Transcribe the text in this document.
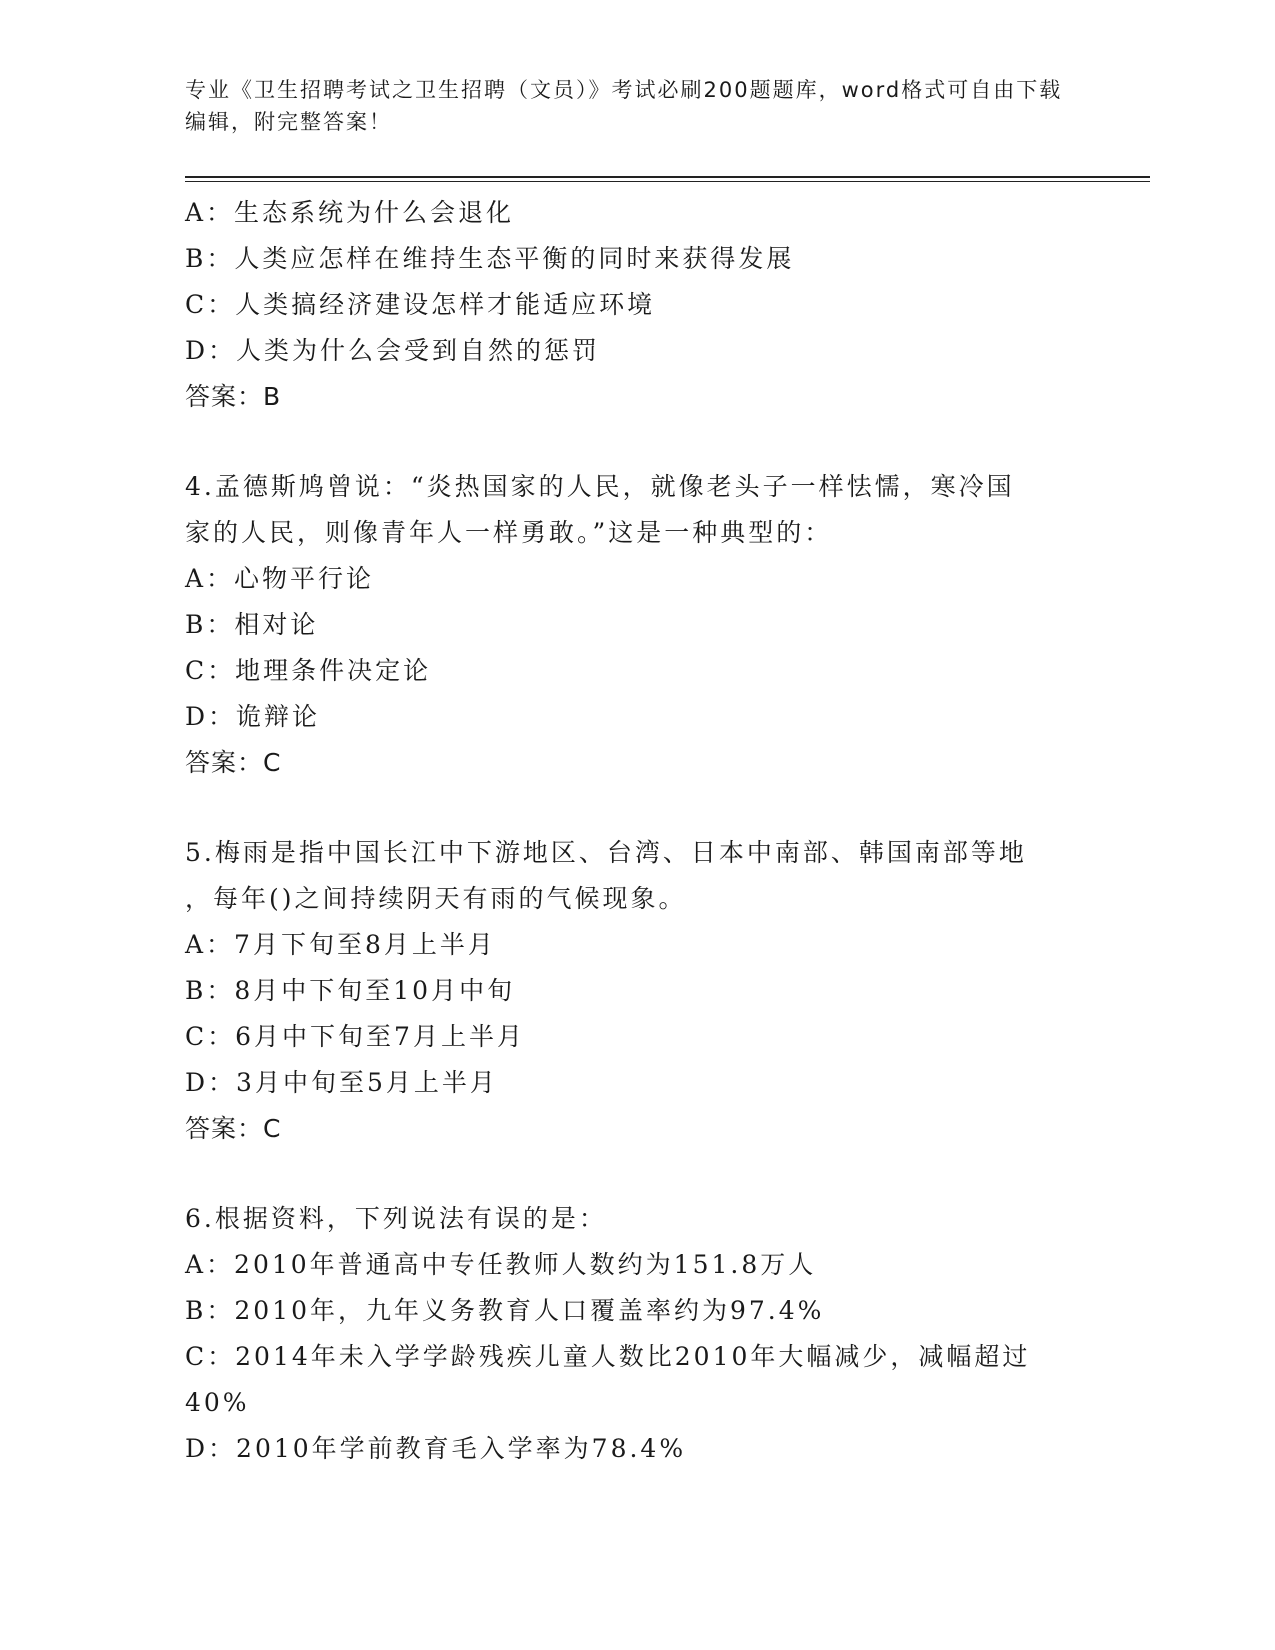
专业《卫生招聘考试之卫生招聘（文员）》考试必刷200题题库，word格式可自由下载编辑，附完整答案！
A：生态系统为什么会退化
B：人类应怎样在维持生态平衡的同时来获得发展
C：人类搞经济建设怎样才能适应环境
D：人类为什么会受到自然的惩罚
答案：B
4.孟德斯鸠曾说：“炎热国家的人民，就像老头子一样怯懦，寒冷国
家的人民，则像青年人一样勇敢。”这是一种典型的：
A：心物平行论
B：相对论
C：地理条件决定论
D：诡辩论
答案：C
5.梅雨是指中国长江中下游地区、台湾、日本中南部、韩国南部等地
，每年()之间持续阴天有雨的气候现象。
A：7月下旬至8月上半月
B：8月中下旬至10月中旬
C：6月中下旬至7月上半月
D：3月中旬至5月上半月
答案：C
6.根据资料，下列说法有误的是：
A：2010年普通高中专任教师人数约为151.8万人
B：2010年，九年义务教育人口覆盖率约为97.4%
C：2014年未入学学龄残疾儿童人数比2010年大幅减少，减幅超过
40%
D：2010年学前教育毛入学率为78.4%
